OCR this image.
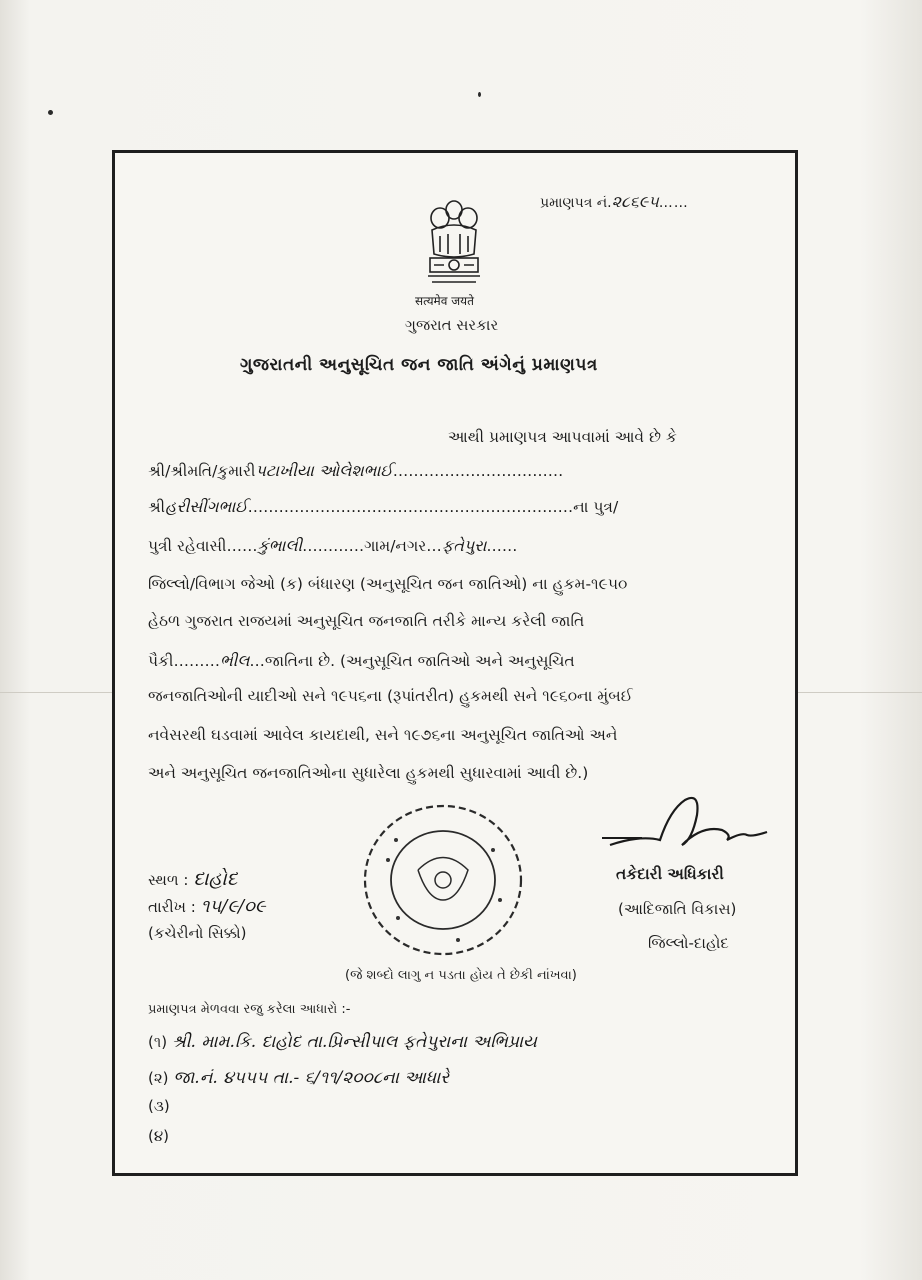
પ્રમાણપત્ર નં.૨૮૬૯૫……
सत्यमेव जयते
ગુજરાત સરકાર
ગુજરાતની અનુસૂચિત જન જાતિ અંગેનું પ્રમાણપત્ર
આથી પ્રમાણપત્ર આપવામાં આવે છે કે
શ્રી/શ્રીમતિ/કુમારીપટાખીયા ઓલેશભાઈ……………………………
શ્રીહરીસીંગભાઈ………………………………………………………ના પુત્ર/
પુત્રી રહેવાસી……કુંભાલી…………ગામ/નગર…ફતેપુરા……
જિલ્લો/વિભાગ જેઓ (ક) બંધારણ (અનુસૂચિત જન જાતિઓ) ના હુકમ-૧૯૫૦
હેઠળ ગુજરાત રાજયમાં અનુસૂચિત જનજાતિ તરીકે માન્ય કરેલી જાતિ
પૈકી………ભીલ…જાતિના છે. (અનુસૂચિત જાતિઓ અને અનુસૂચિત
જનજાતિઓની યાદીઓ સને ૧૯૫૬ના (રૂપાંતરીત) હુકમથી સને ૧૯૬૦ના મુંબઈ
નવેસરથી ઘડવામાં આવેલ કાયદાથી, સને ૧૯૭૬ના અનુસૂચિત જાતિઓ અને
અને અનુસૂચિત જનજાતિઓના સુધારેલા હુકમથી સુધારવામાં આવી છે.)
તકેદારી અધિકારી
(આદિજાતિ વિકાસ)
જિલ્લો-દાહોદ
સ્થળ : દાહોદ
તારીખ : ૧૫/૯/૦૯
(કચેરીનો સિક્કો)
(જે શબ્દો લાગુ ન પડતા હોય તે છેકી નાંખવા)
પ્રમાણપત્ર મેળવવા રજુ કરેલા આધારો :-
(૧) શ્રી. મામ.કિ. દાહોદ તા.પ્રિન્સીપાલ ફતેપુરાના અભિપ્રાય
(૨) જા.નં. ૪૫૫૫ તા.- ૬/૧૧/૨૦૦૮ના આધારે
(૩)
(૪)
